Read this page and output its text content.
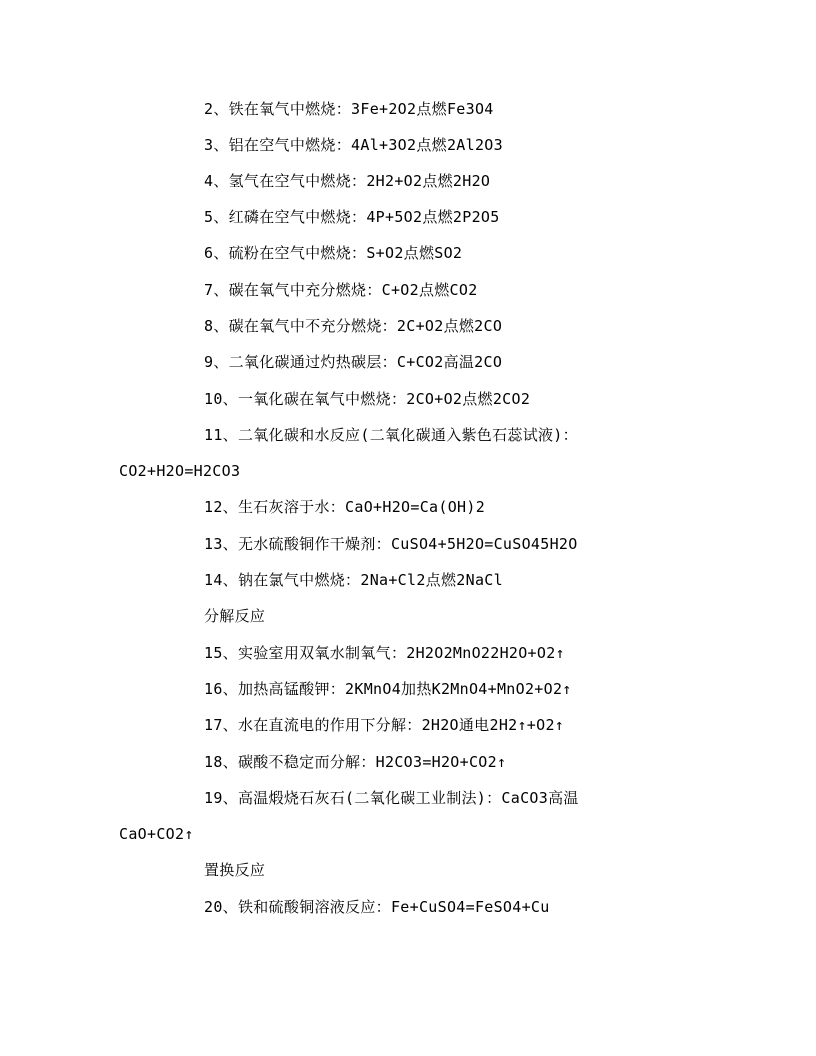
2、铁在氧气中燃烧：3Fe+2O2点燃Fe3O4
3、铝在空气中燃烧：4Al+3O2点燃2Al2O3
4、氢气在空气中燃烧：2H2+O2点燃2H2O
5、红磷在空气中燃烧：4P+5O2点燃2P2O5
6、硫粉在空气中燃烧：S+O2点燃SO2
7、碳在氧气中充分燃烧：C+O2点燃CO2
8、碳在氧气中不充分燃烧：2C+O2点燃2CO
9、二氧化碳通过灼热碳层：C+CO2高温2CO
10、一氧化碳在氧气中燃烧：2CO+O2点燃2CO2
11、二氧化碳和水反应(二氧化碳通入紫色石蕊试液)：
CO2+H2O=H2CO3
12、生石灰溶于水：CaO+H2O=Ca(OH)2
13、无水硫酸铜作干燥剂：CuSO4+5H2O=CuSO45H2O
14、钠在氯气中燃烧：2Na+Cl2点燃2NaCl
分解反应
15、实验室用双氧水制氧气：2H2O2MnO22H2O+O2↑
16、加热高锰酸钾：2KMnO4加热K2MnO4+MnO2+O2↑
17、水在直流电的作用下分解：2H2O通电2H2↑+O2↑
18、碳酸不稳定而分解：H2CO3=H2O+CO2↑
19、高温煅烧石灰石(二氧化碳工业制法)：CaCO3高温
CaO+CO2↑
置换反应
20、铁和硫酸铜溶液反应：Fe+CuSO4=FeSO4+Cu
